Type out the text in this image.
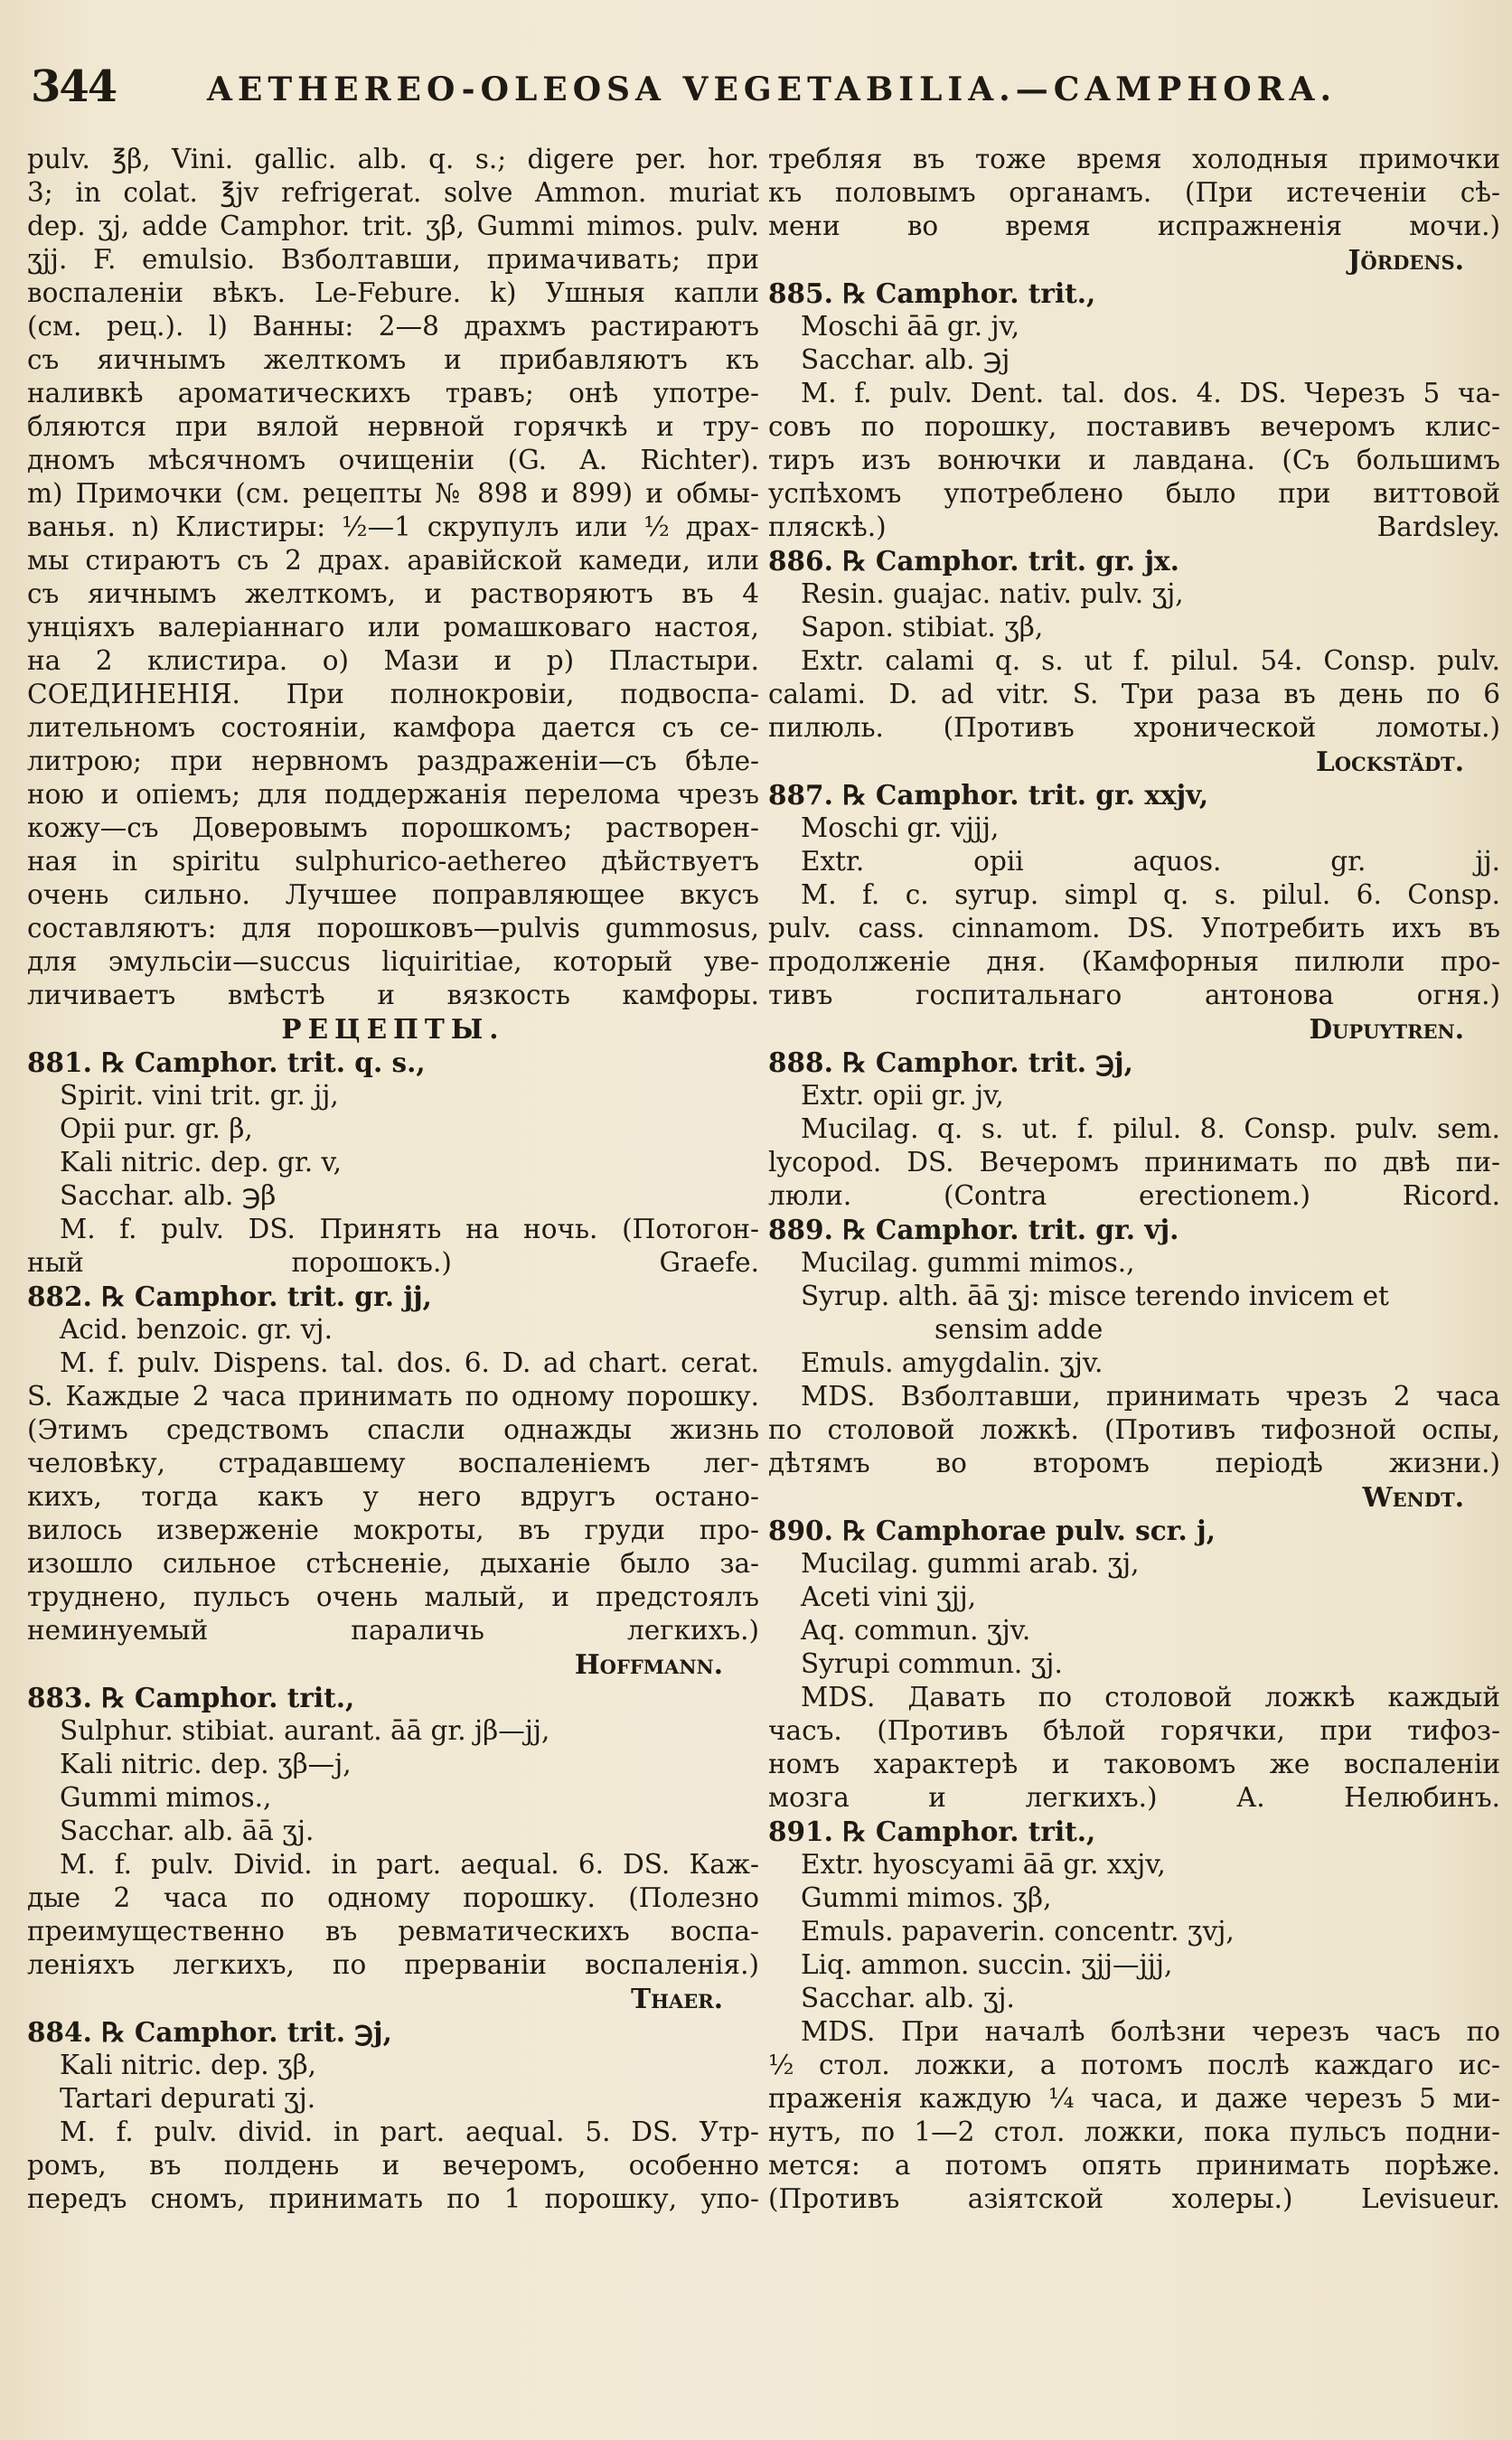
344	AETHEREO-OLEOSA VEGETABILIA.—CAMPHORA.
pulv. ℥β, Vini. gallic. alb. q. s.; digere per. hor.
3; in colat. ℥jv refrigerat. solve Ammon. muriat
dep. ʒj, adde Camphor. trit. ʒβ, Gummi mimos. pulv.
ʒjj. F. emulsio. Взболтавши, примачивать; при
воспаленіи вѣкъ. Le-Febure. k) Ушныя капли
(см. рец.). l) Ванны: 2—8 драхмъ растираютъ
съ яичнымъ желткомъ и прибавляютъ къ
наливкѣ ароматическихъ травъ; онѣ употре-
бляются при вялой нервной горячкѣ и тру-
дномъ мѣсячномъ очищеніи (G. A. Richter).
m) Примочки (см. рецепты № 898 и 899) и обмы-
ванья. n) Клистиры: ½—1 скрупулъ или ½ драх-
мы стираютъ съ 2 драх. аравійской камеди, или
съ яичнымъ желткомъ, и растворяютъ въ 4
унціяхъ валеріаннаго или ромашковаго настоя,
на 2 клистира. o) Мази и p) Пластыри.
СОЕДИНЕНІЯ. При полнокровіи, подвоспа-
лительномъ состояніи, камфора дается съ се-
литрою; при нервномъ раздраженіи—съ бѣле-
ною и опіемъ; для поддержанія перелома чрезъ
кожу—съ Доверовымъ порошкомъ; растворен-
ная in spiritu sulphurico-aethereo дѣйствуетъ
очень сильно. Лучшее поправляющее вкусъ
составляютъ: для порошковъ—pulvis gummosus,
для эмульсіи—succus liquiritiae, который уве-
личиваетъ вмѣстѣ и вязкость камфоры.
РЕЦЕПТЫ.
881. ℞ Camphor. trit. q. s.,
Spirit. vini trit. gr. jj,
Opii pur. gr. β,
Kali nitric. dep. gr. v,
Sacchar. alb. ℈β
M. f. pulv. DS. Принять на ночь. (Потогон-
ный порошокъ.) Graefe.
882. ℞ Camphor. trit. gr. jj,
Acid. benzoic. gr. vj.
M. f. pulv. Dispens. tal. dos. 6. D. ad chart. cerat.
S. Каждые 2 часа принимать по одному порошку.
(Этимъ средствомъ спасли однажды жизнь
человѣку, страдавшему воспаленіемъ лег-
кихъ, тогда какъ у него вдругъ остано-
вилось изверженіе мокроты, въ груди про-
изошло сильное стѣсненіе, дыханіе было за-
труднено, пульсъ очень малый, и предстоялъ
неминуемый параличь легкихъ.)
Hoffmann.
883. ℞ Camphor. trit.,
Sulphur. stibiat. aurant. āā gr. jβ—jj,
Kali nitric. dep. ʒβ—j,
Gummi mimos.,
Sacchar. alb. āā ʒj.
M. f. pulv. Divid. in part. aequal. 6. DS. Каж-
дые 2 часа по одному порошку. (Полезно
преимущественно въ ревматическихъ воспа-
леніяхъ легкихъ, по прерваніи воспаленія.)
Thaer.
884. ℞ Camphor. trit. ℈j,
Kali nitric. dep. ʒβ,
Tartari depurati ʒj.
M. f. pulv. divid. in part. aequal. 5. DS. Утр-
ромъ, въ полдень и вечеромъ, особенно
передъ сномъ, принимать по 1 порошку, упо-
требляя въ тоже время холодныя примочки
къ половымъ органамъ. (При истеченіи сѣ-
мени во время испражненія мочи.)
Jördens.
885. ℞ Camphor. trit.,
Moschi āā gr. jv,
Sacchar. alb. ℈j
M. f. pulv. Dent. tal. dos. 4. DS. Черезъ 5 ча-
совъ по порошку, поставивъ вечеромъ клис-
тиръ изъ вонючки и лавдана. (Съ большимъ
успѣхомъ употреблено было при виттовой
пляскѣ.) Bardsley.
886. ℞ Camphor. trit. gr. jx.
Resin. guajac. nativ. pulv. ʒj,
Sapon. stibiat. ʒβ,
Extr. calami q. s. ut f. pilul. 54. Consp. pulv.
calami. D. ad vitr. S. Три раза въ день по 6
пилюль. (Противъ хронической ломоты.)
Lockstädt.
887. ℞ Camphor. trit. gr. xxjv,
Moschi gr. vjjj,
Extr. opii aquos. gr. jj.
M. f. c. syrup. simpl q. s. pilul. 6. Consp.
pulv. cass. cinnamom. DS. Употребить ихъ въ
продолженіе дня. (Камфорныя пилюли про-
тивъ госпитальнаго антонова огня.)
Dupuytren.
888. ℞ Camphor. trit. ℈j,
Extr. opii gr. jv,
Mucilag. q. s. ut. f. pilul. 8. Consp. pulv. sem.
lycopod. DS. Вечеромъ принимать по двѣ пи-
люли. (Contra erectionem.) Ricord.
889. ℞ Camphor. trit. gr. vj.
Mucilag. gummi mimos.,
Syrup. alth. āā ʒj: misce terendo invicem et
sensim adde
Emuls. amygdalin. ʒjv.
MDS. Взболтавши, принимать чрезъ 2 часа
по столовой ложкѣ. (Противъ тифозной оспы,
дѣтямъ во второмъ періодѣ жизни.)
Wendt.
890. ℞ Camphorae pulv. scr. j,
Mucilag. gummi arab. ʒj,
Aceti vini ʒjj,
Aq. commun. ʒjv.
Syrupi commun. ʒj.
MDS. Давать по столовой ложкѣ каждый
часъ. (Противъ бѣлой горячки, при тифоз-
номъ характерѣ и таковомъ же воспаленіи
мозга и легкихъ.) А. Нелюбинъ.
891. ℞ Camphor. trit.,
Extr. hyoscyami āā gr. xxjv,
Gummi mimos. ʒβ,
Emuls. papaverin. concentr. ʒvj,
Liq. ammon. succin. ʒjj—jjj,
Sacchar. alb. ʒj.
MDS. При началѣ болѣзни черезъ часъ по
½ стол. ложки, а потомъ послѣ каждаго ис-
праженія каждую ¼ часа, и даже черезъ 5 ми-
нутъ, по 1—2 стол. ложки, пока пульсъ подни-
мется: а потомъ опять принимать порѣже.
(Противъ азіятской холеры.) Levisueur.
